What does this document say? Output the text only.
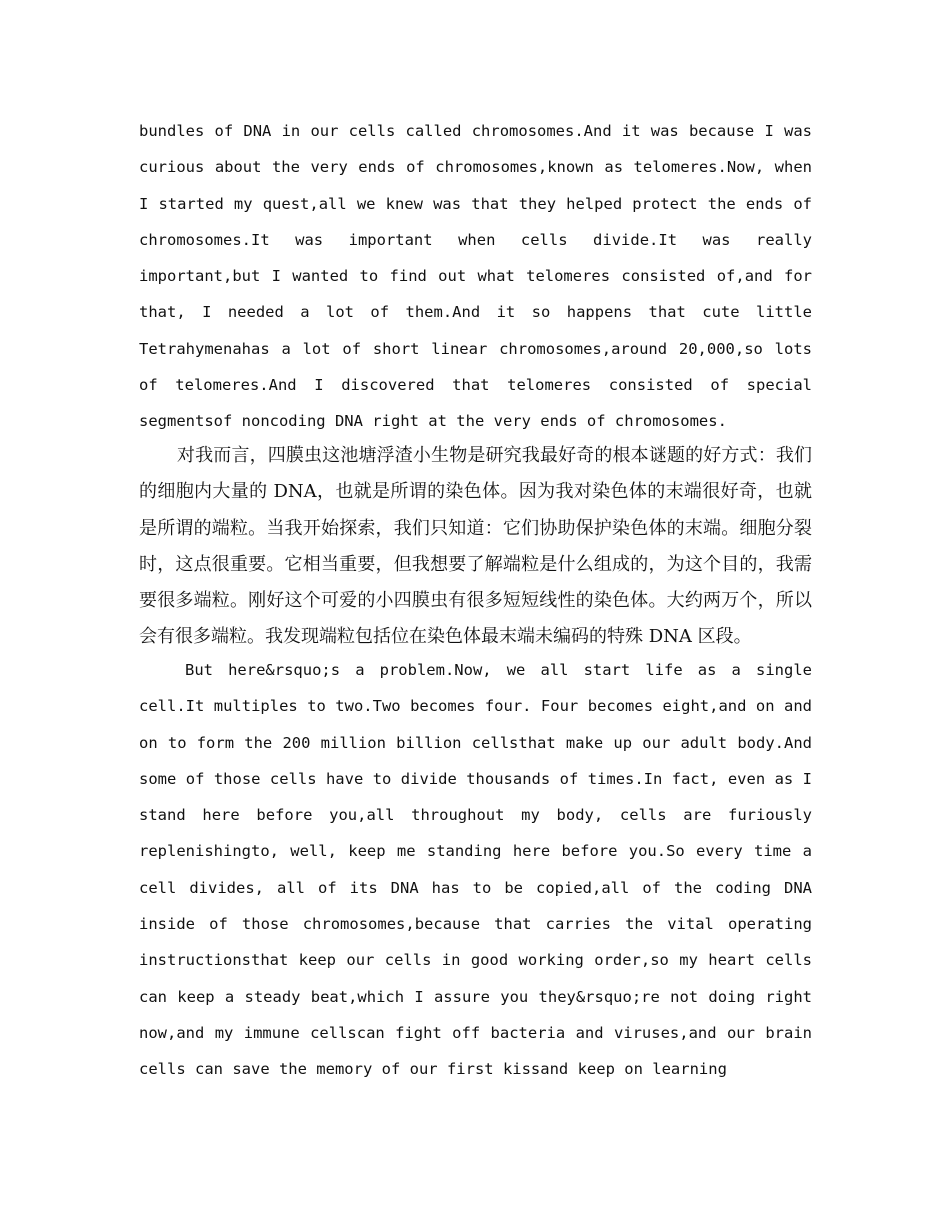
bundles of DNA in our cells called chromosomes.And it was because I was curious about the very ends of chromosomes,known as telomeres.Now, when I started my quest,all we knew was that they helped protect the ends of chromosomes.It was important when cells divide.It was really important,but I wanted to find out what telomeres consisted of,and for that, I needed a lot of them.And it so happens that cute little Tetrahymenahas a lot of short linear chromosomes,around 20,000,so lots of telomeres.And I discovered that telomeres consisted of special segmentsof noncoding DNA right at the very ends of chromosomes.

对我而言，四膜虫这池塘浮渣小生物是研究我最好奇的根本谜题的好方式：我们的细胞内大量的 DNA，也就是所谓的染色体。因为我对染色体的末端很好奇，也就是所谓的端粒。当我开始探索，我们只知道：它们协助保护染色体的末端。细胞分裂时，这点很重要。它相当重要，但我想要了解端粒是什么组成的，为这个目的，我需要很多端粒。刚好这个可爱的小四膜虫有很多短短线性的染色体。大约两万个，所以会有很多端粒。我发现端粒包括位在染色体最末端未编码的特殊 DNA 区段。

But here&rsquo;s a problem.Now, we all start life as a single cell.It multiples to two.Two becomes four. Four becomes eight,and on and on to form the 200 million billion cellsthat make up our adult body.And some of those cells have to divide thousands of times.In fact, even as I stand here before you,all throughout my body, cells are furiously replenishingto, well, keep me standing here before you.So every time a cell divides, all of its DNA has to be copied,all of the coding DNA inside of those chromosomes,because that carries the vital operating instructionsthat keep our cells in good working order,so my heart cells can keep a steady beat,which I assure you they&rsquo;re not doing right now,and my immune cellscan fight off bacteria and viruses,and our brain cells can save the memory of our first kissand keep on learning
